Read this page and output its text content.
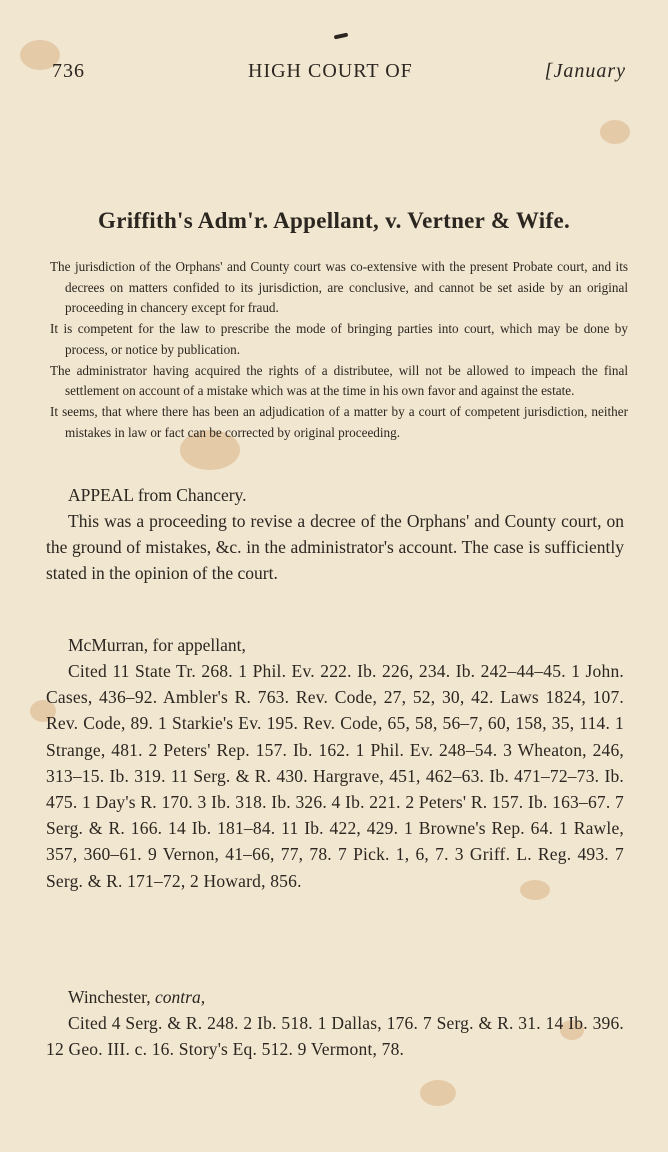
736	HIGH COURT OF	[January
Griffith's Adm'r. Appellant, v. Vertner & Wife.
The jurisdiction of the Orphans' and County court was co-extensive with the present Probate court, and its decrees on matters confided to its jurisdiction, are conclusive, and cannot be set aside by an original proceeding in chancery except for fraud.
It is competent for the law to prescribe the mode of bringing parties into court, which may be done by process, or notice by publication.
The administrator having acquired the rights of a distributee, will not be allowed to impeach the final settlement on account of a mistake which was at the time in his own favor and against the estate.
It seems, that where there has been an adjudication of a matter by a court of competent jurisdiction, neither mistakes in law or fact can be corrected by original proceeding.
APPEAL from Chancery.
This was a proceeding to revise a decree of the Orphans' and County court, on the ground of mistakes, &c. in the administrator's account. The case is sufficiently stated in the opinion of the court.
McMurran, for appellant,
Cited 11 State Tr. 268. 1 Phil. Ev. 222. Ib. 226, 234. Ib. 242–44–45. 1 John. Cases, 436–92. Ambler's R. 763. Rev. Code, 27, 52, 30, 42. Laws 1824, 107. Rev. Code, 89. 1 Starkie's Ev. 195. Rev. Code, 65, 58, 56–7, 60, 158, 35, 114. 1 Strange, 481. 2 Peters' Rep. 157. Ib. 162. 1 Phil. Ev. 248–54. 3 Wheaton, 246, 313–15. Ib. 319. 11 Serg. & R. 430. Hargrave, 451, 462–63. Ib. 471–72–73. Ib. 475. 1 Day's R. 170. 3 Ib. 318. Ib. 326. 4 Ib. 221. 2 Peters' R. 157. Ib. 163–67. 7 Serg. & R. 166. 14 Ib. 181–84. 11 Ib. 422, 429. 1 Browne's Rep. 64. 1 Rawle, 357, 360–61. 9 Vernon, 41–66, 77, 78. 7 Pick. 1, 6, 7. 3 Griff. L. Reg. 493. 7 Serg. & R. 171–72, 2 Howard, 856.
Winchester, contra,
Cited 4 Serg. & R. 248. 2 Ib. 518. 1 Dallas, 176. 7 Serg. & R. 31. 14 Ib. 396. 12 Geo. III. c. 16. Story's Eq. 512. 9 Vermont, 78.
